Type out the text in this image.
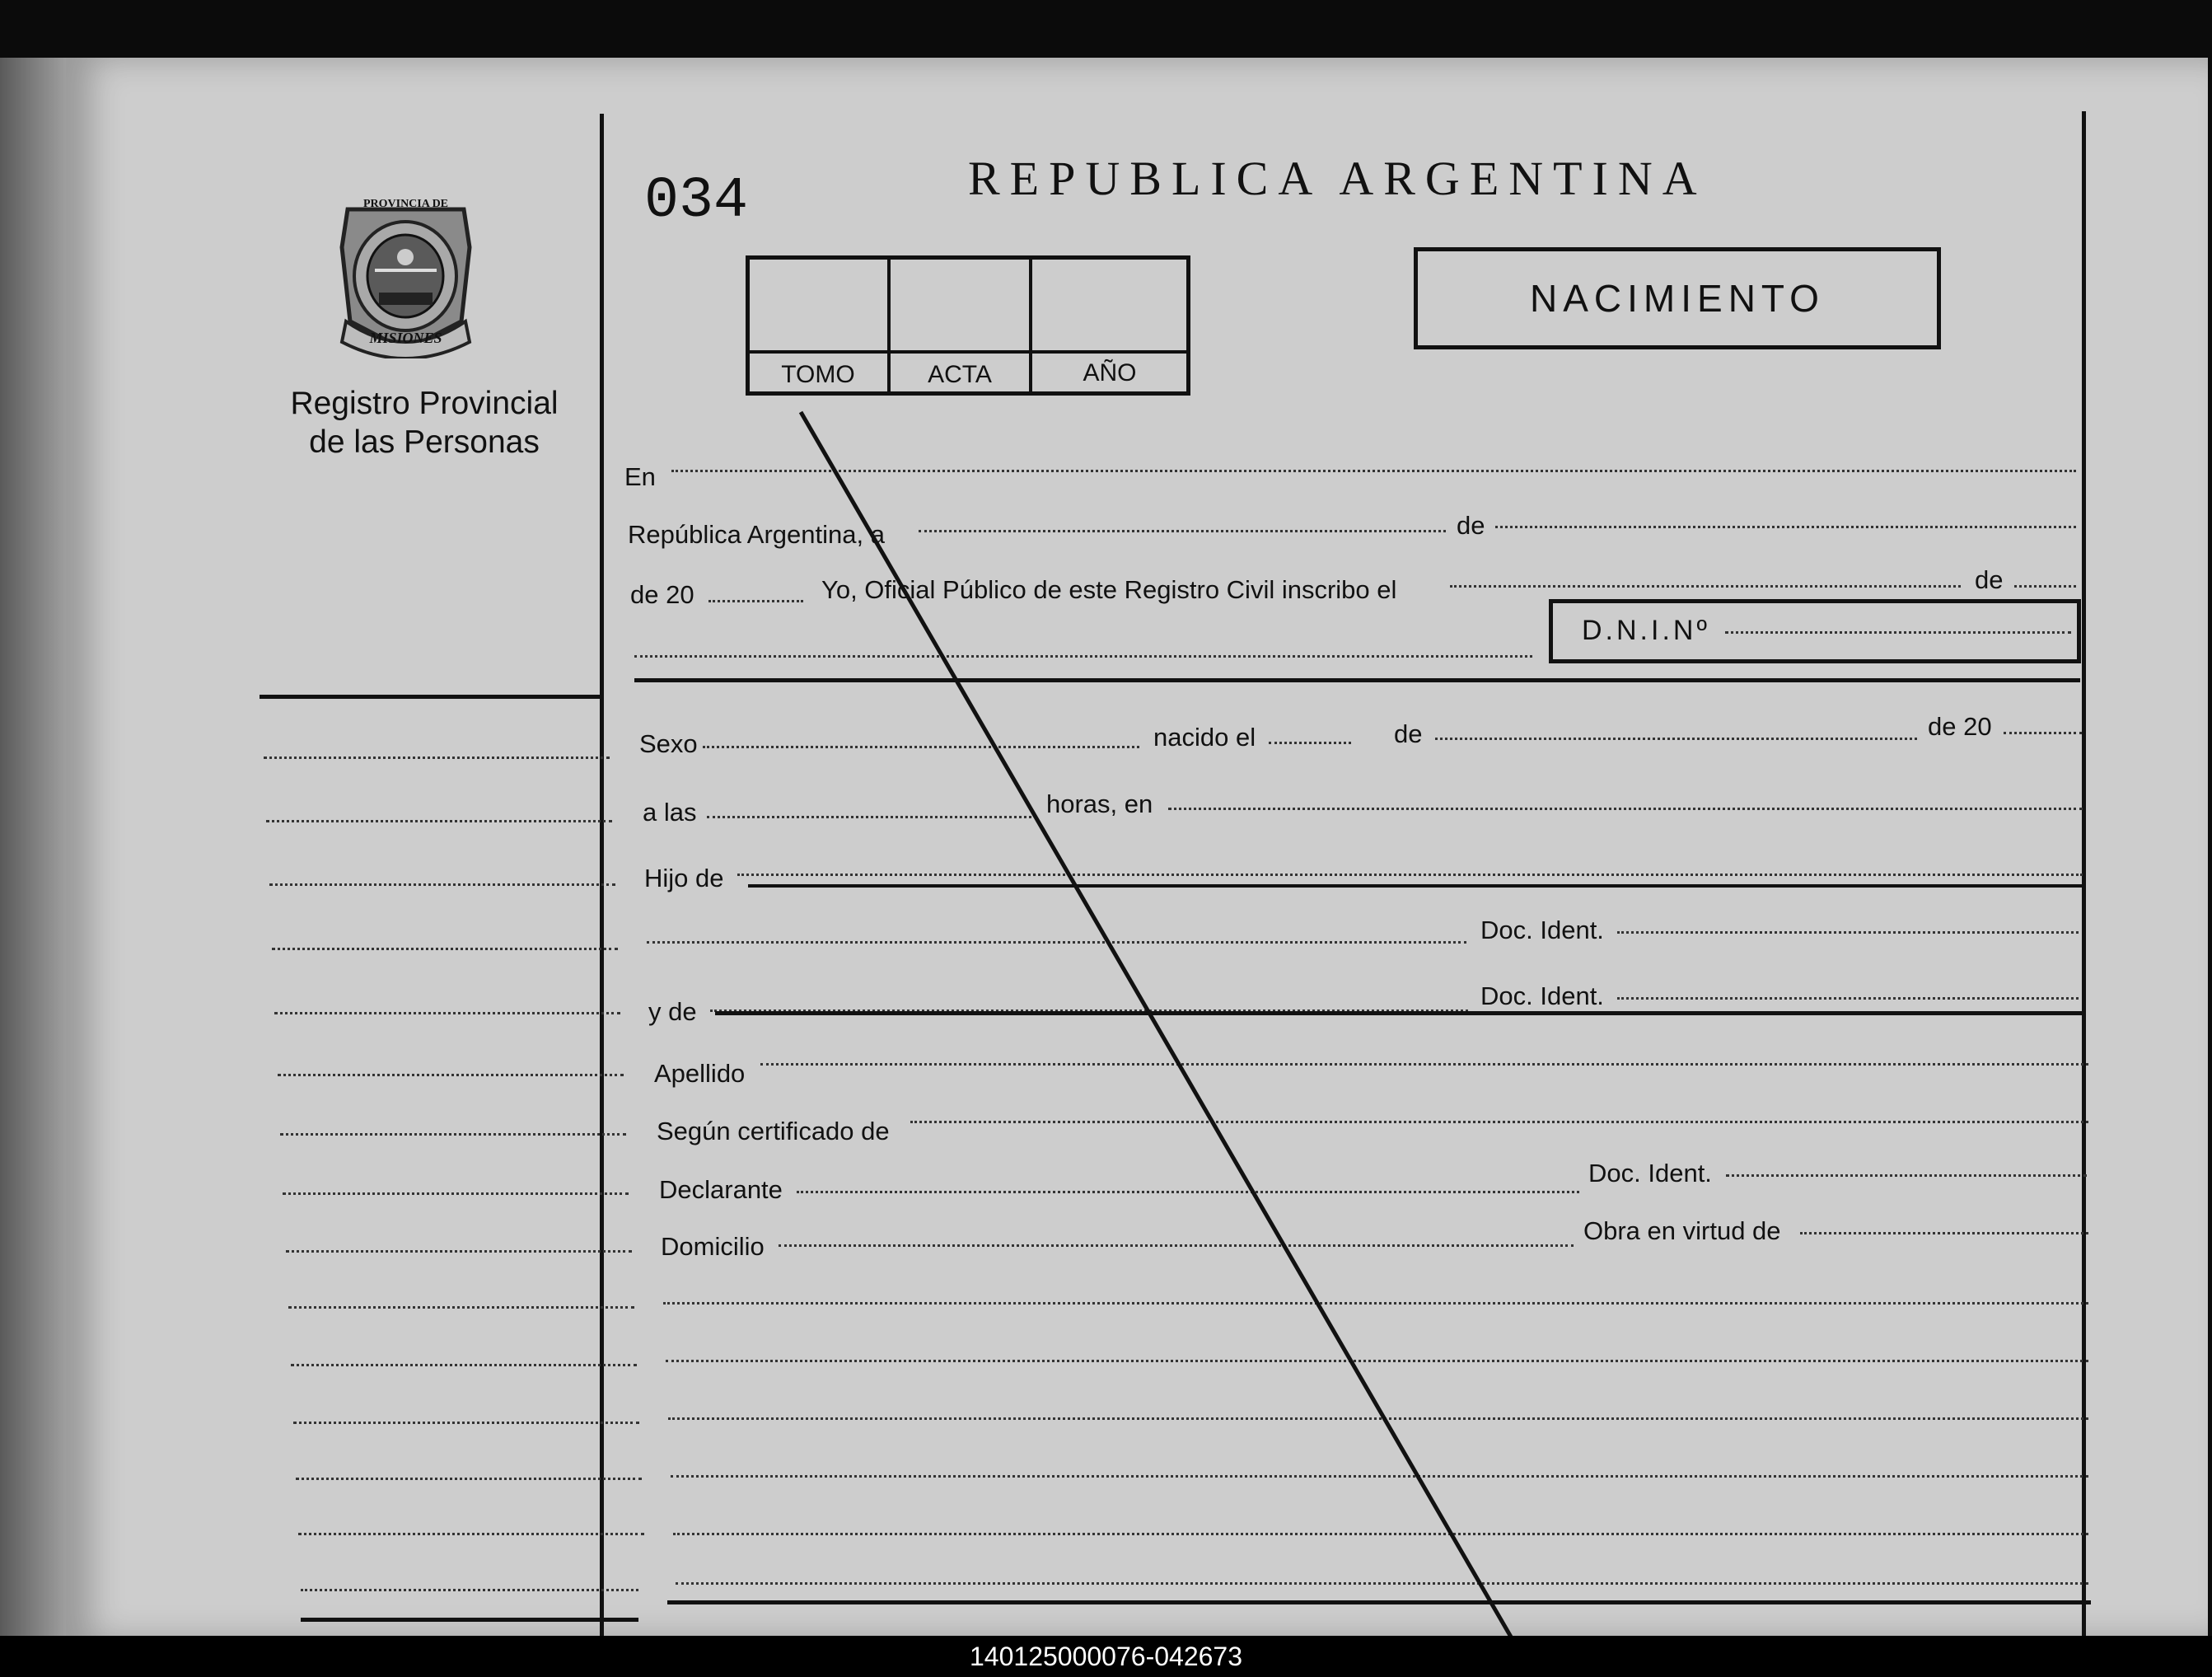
PROVINCIA DE
MISIONES
Registro Provincial
de las Personas
034	REPUBLICA ARGENTINA
TOMO	ACTA	AÑO
NACIMIENTO
D.N.I.Nº
En
República Argentina, a	de
de 20	Yo, Oficial Público de este Registro Civil inscribo el	de
Sexo	nacido el	de	de 20
a las	horas, en
Hijo de
Doc. Ident.
y de
Doc. Ident.
Apellido
Según certificado de
Declarante
Doc. Ident.
Domicilio
Obra en virtud de
140125000076-042673
